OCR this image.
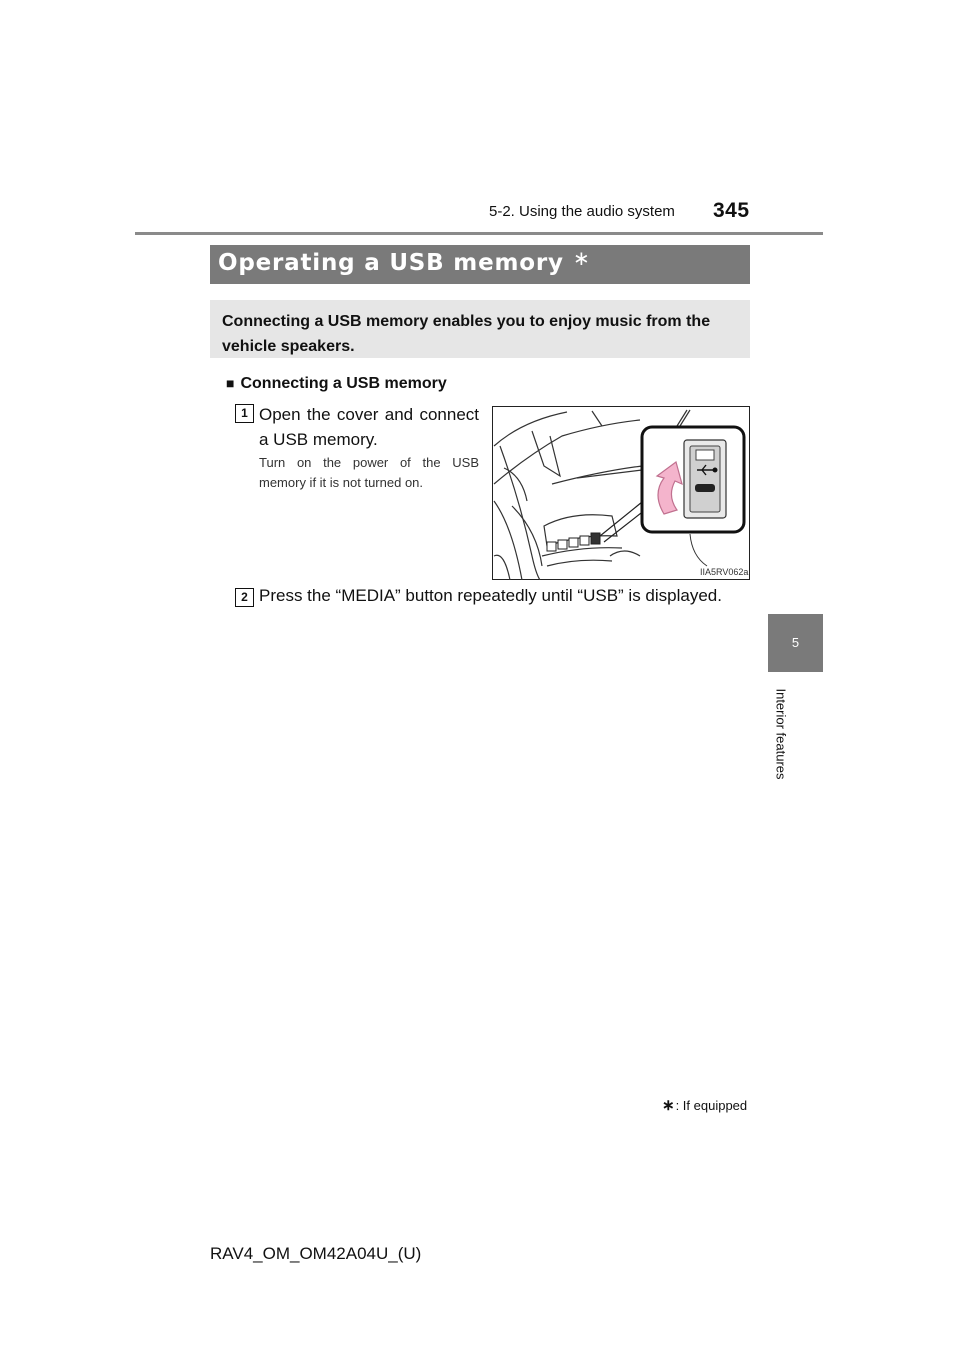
5-2. Using the audio system 345
Operating a USB memory ∗
Connecting a USB memory enables you to enjoy music from the vehicle speakers.
■ Connecting a USB memory
1 Open the cover and connect a USB memory.
Turn on the power of the USB memory if it is not turned on.
IIA5RV062a
2 Press the “MEDIA” button repeatedly until “USB” is displayed.
∗: If equipped
RAV4_OM_OM42A04U_(U)
5
Interior features
